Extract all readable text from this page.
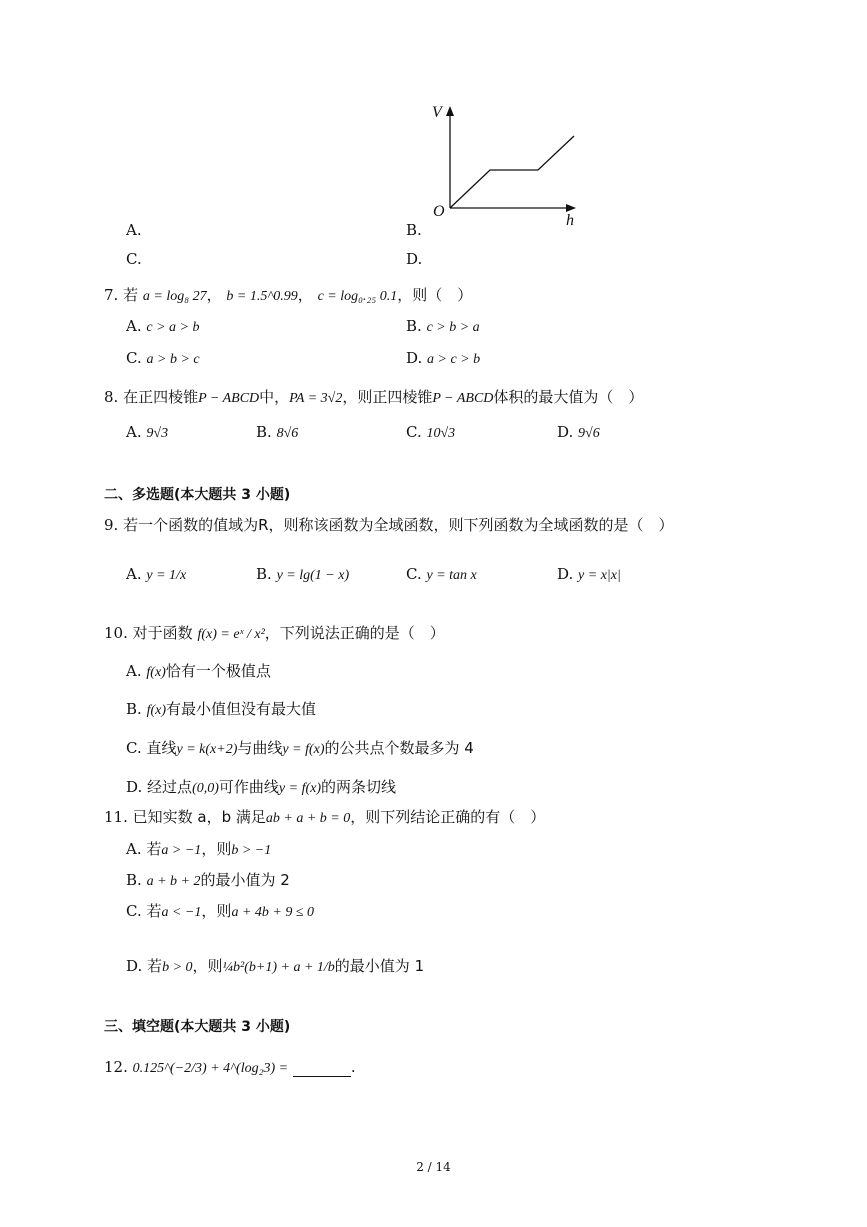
V
O
h
A.	B.
C.	D.
7. 若 a = log₈ 27， b = 1.5^0.99， c = log₀.₂₅ 0.1，则（　）
A. c > a > b	B. c > b > a
C. a > b > c	D. a > c > b
8. 在正四棱锥P − ABCD中，PA = 3√2，则正四棱锥P − ABCD体积的最大值为（　）
A. 9√3	B. 8√6	C. 10√3	D. 9√6
二、多选题(本大题共 3 小题)
9. 若一个函数的值域为R，则称该函数为全域函数，则下列函数为全域函数的是（　）
A. y = 1/x	B. y = lg(1 − x)	C. y = tan x	D. y = x|x|
10. 对于函数 f(x) = eˣ / x²，下列说法正确的是（　）
A. f(x)恰有一个极值点
B. f(x)有最小值但没有最大值
C. 直线y = k(x+2)与曲线y = f(x)的公共点个数最多为 4
D. 经过点(0,0)可作曲线y = f(x)的两条切线
11. 已知实数 a，b 满足ab + a + b = 0，则下列结论正确的有（　）
A. 若a > −1，则b > −1
B. a + b + 2的最小值为 2
C. 若a < −1，则a + 4b + 9 ≤ 0
D. 若b > 0，则¼b²(b+1) + a + 1/b的最小值为 1
三、填空题(本大题共 3 小题)
12. 0.125^(−2/3) + 4^(log₂3) =	.
2 / 14
